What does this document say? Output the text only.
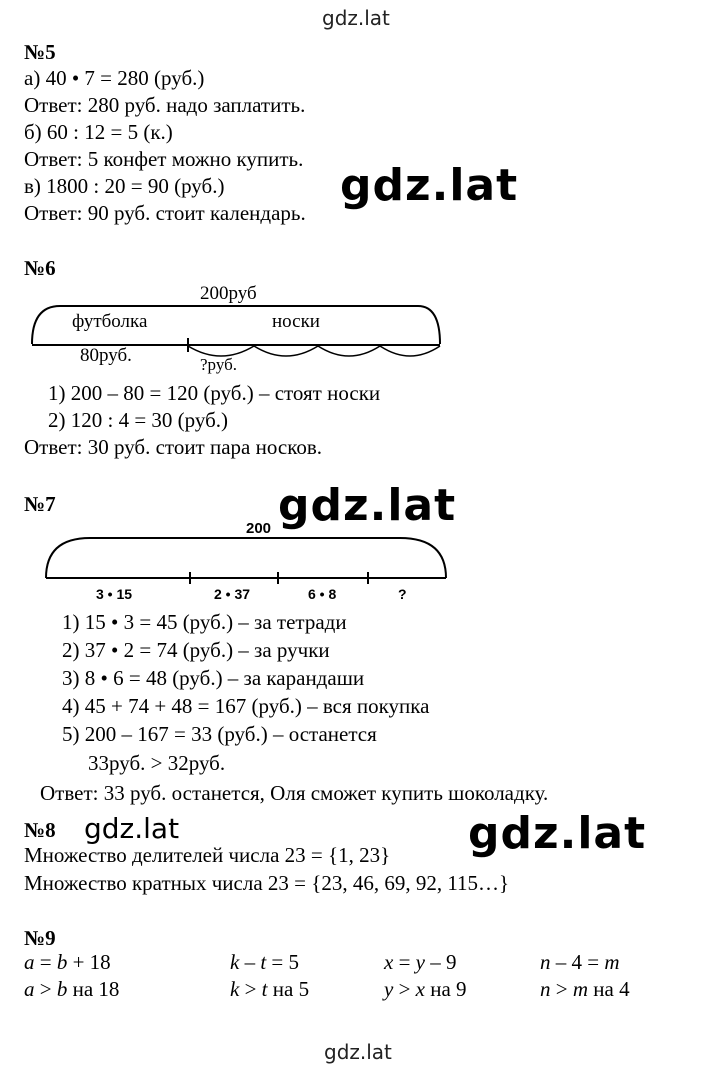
gdz.lat
№5
а) 40 • 7 = 280 (руб.)
Ответ: 280 руб. надо заплатить.
б) 60 : 12 = 5 (к.)
Ответ: 5 конфет можно купить.
в) 1800 : 20 = 90 (руб.)
Ответ: 90 руб. стоит календарь.
gdz.lat
№6
200руб
футболка	носки
80руб.	?руб.
1) 200 – 80 = 120 (руб.) – стоят носки
2) 120 : 4 = 30 (руб.)
Ответ: 30 руб. стоит пара носков.
№7	gdz.lat
200
3 • 15	2 • 37	6 • 8	?
1) 15 • 3 = 45 (руб.) – за тетради
2) 37 • 2 = 74 (руб.) – за ручки
3) 8 • 6 = 48 (руб.) – за карандаши
4) 45 + 74 + 48 = 167 (руб.) – вся покупка
5) 200 – 167 = 33 (руб.) – останется
33руб. > 32руб.
Ответ: 33 руб. останется, Оля сможет купить шоколадку.
№8 gdz.lat	gdz.lat
Множество делителей числа 23 = {1, 23}
Множество кратных числа 23 = {23, 46, 69, 92, 115…}
№9
a = b + 18	k – t = 5	x = y – 9	n – 4 = m
a > b на 18	k > t на 5	y > x на 9	n > m на 4
gdz.lat
